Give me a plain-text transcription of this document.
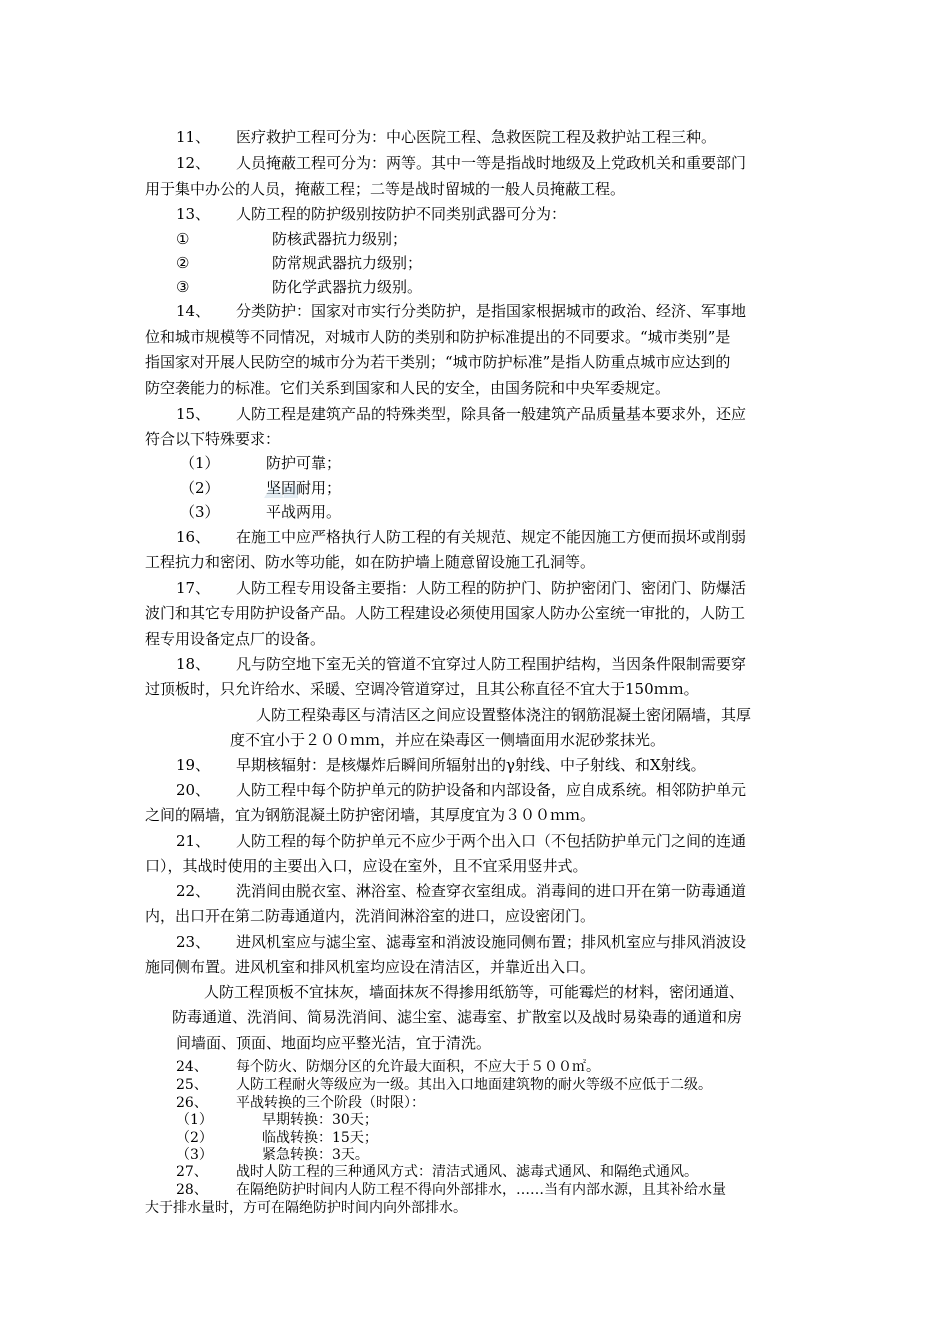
11、 医疗救护工程可分为：中心医院工程、急救医院工程及救护站工程三种。
12、 人员掩蔽工程可分为：两等。其中一等是指战时地级及上党政机关和重要部门
用于集中办公的人员，掩蔽工程；二等是战时留城的一般人员掩蔽工程。
13、 人防工程的防护级别按防护不同类别武器可分为：
①	防核武器抗力级别；
②	防常规武器抗力级别；
③	防化学武器抗力级别。
14、 分类防护：国家对市实行分类防护，是指国家根据城市的政治、经济、军事地
位和城市规模等不同情况，对城市人防的类别和防护标准提出的不同要求。“城市类别”是
指国家对开展人民防空的城市分为若干类别；“城市防护标准”是指人防重点城市应达到的
防空袭能力的标准。它们关系到国家和人民的安全，由国务院和中央军委规定。
15、 人防工程是建筑产品的特殊类型，除具备一般建筑产品质量基本要求外，还应
符合以下特殊要求：
（1）	防护可靠；
（2）	坚固耐用；
（3）	平战两用。
16、 在施工中应严格执行人防工程的有关规范、规定不能因施工方便而损坏或削弱
工程抗力和密闭、防水等功能，如在防护墙上随意留设施工孔洞等。
17、 人防工程专用设备主要指：人防工程的防护门、防护密闭门、密闭门、防爆活
波门和其它专用防护设备产品。人防工程建设必须使用国家人防办公室统一审批的，人防工
程专用设备定点厂的设备。
18、 凡与防空地下室无关的管道不宜穿过人防工程围护结构，当因条件限制需要穿
过顶板时，只允许给水、采暖、空调冷管道穿过，且其公称直径不宜大于150ｍｍ。
人防工程染毒区与清洁区之间应设置整体浇注的钢筋混凝土密闭隔墙，其厚
度不宜小于２００ｍｍ，并应在染毒区一侧墙面用水泥砂浆抹光。
19、 早期核辐射：是核爆炸后瞬间所辐射出的γ射线、中子射线、和X射线。
20、 人防工程中每个防护单元的防护设备和内部设备，应自成系统。相邻防护单元
之间的隔墙，宜为钢筋混凝土防护密闭墙，其厚度宜为３００ｍｍ。
21、 人防工程的每个防护单元不应少于两个出入口（不包括防护单元门之间的连通
口），其战时使用的主要出入口，应设在室外，且不宜采用竖井式。
22、 洗消间由脱衣室、淋浴室、检查穿衣室组成。消毒间的进口开在第一防毒通道
内，出口开在第二防毒通道内，洗消间淋浴室的进口，应设密闭门。
23、 进风机室应与滤尘室、滤毒室和消波设施同侧布置；排风机室应与排风消波设
施同侧布置。进风机室和排风机室均应设在清洁区，并靠近出入口。
人防工程顶板不宜抹灰，墙面抹灰不得掺用纸筋等，可能霉烂的材料，密闭通道、
防毒通道、洗消间、简易洗消间、滤尘室、滤毒室、扩散室以及战时易染毒的通道和房
间墙面、顶面、地面均应平整光洁，宜于清洗。
24、 每个防火、防烟分区的允许最大面积，不应大于５００㎡。
25、 人防工程耐火等级应为一级。其出入口地面建筑物的耐火等级不应低于二级。
26、 平战转换的三个阶段（时限）：
（1）	早期转换：30天；
（2）	临战转换：15天；
（3）	紧急转换：3天。
27、 战时人防工程的三种通风方式：清洁式通风、滤毒式通风、和隔绝式通风。
28、 在隔绝防护时间内人防工程不得向外部排水，……当有内部水源，且其补给水量
大于排水量时，方可在隔绝防护时间内向外部排水。
